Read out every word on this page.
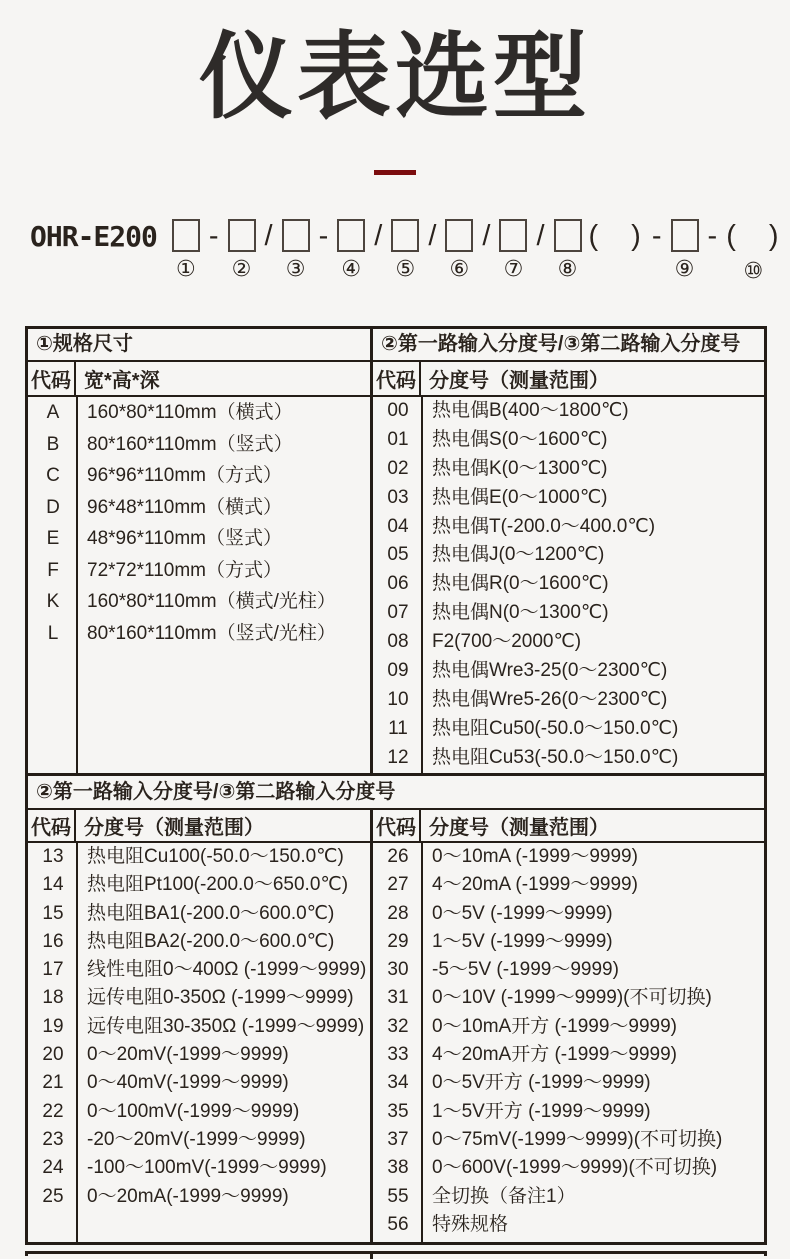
仪表选型
OHR-E200
①
-
②
/
③
-
④
/
⑤
/
⑥
/
⑦
/
⑧
(　) -
⑨
- (　)
⑩
①规格尺寸
代码 宽*高*深
A	160*80*110mm（横式）
B	80*160*110mm（竖式）
C	96*96*110mm（方式）
D	96*48*110mm（横式）
E	48*96*110mm（竖式）
F	72*72*110mm（方式）
K	160*80*110mm（横式/光柱）
L	80*160*110mm（竖式/光柱）
②第一路输入分度号/③第二路输入分度号
代码 分度号（测量范围）
00	热电偶B(400～1800℃)
01	热电偶S(0～1600℃)
02	热电偶K(0～1300℃)
03	热电偶E(0～1000℃)
04	热电偶T(-200.0～400.0℃)
05	热电偶J(0～1200℃)
06	热电偶R(0～1600℃)
07	热电偶N(0～1300℃)
08	F2(700～2000℃)
09	热电偶Wre3-25(0～2300℃)
10	热电偶Wre5-26(0～2300℃)
11	热电阻Cu50(-50.0～150.0℃)
12	热电阻Cu53(-50.0～150.0℃)
②第一路输入分度号/③第二路输入分度号
代码 分度号（测量范围）
13	热电阻Cu100(-50.0～150.0℃)
14	热电阻Pt100(-200.0～650.0℃)
15	热电阻BA1(-200.0～600.0℃)
16	热电阻BA2(-200.0～600.0℃)
17	线性电阻0～400Ω (-1999～9999)
18	远传电阻0-350Ω (-1999～9999)
19	远传电阻30-350Ω (-1999～9999)
20	0～20mV(-1999～9999)
21	0～40mV(-1999～9999)
22	0～100mV(-1999～9999)
23	-20～20mV(-1999～9999)
24	-100～100mV(-1999～9999)
25	0～20mA(-1999～9999)
代码 分度号（测量范围）
26	0～10mA (-1999～9999)
27	4～20mA (-1999～9999)
28	0～5V (-1999～9999)
29	1～5V (-1999～9999)
30	-5～5V (-1999～9999)
31	0～10V (-1999～9999)(不可切换)
32	0～10mA开方 (-1999～9999)
33	4～20mA开方 (-1999～9999)
34	0～5V开方 (-1999～9999)
35	1～5V开方 (-1999～9999)
37	0～75mV(-1999～9999)(不可切换)
38	0～600V(-1999～9999)(不可切换)
55	全切换（备注1）
56	特殊规格
